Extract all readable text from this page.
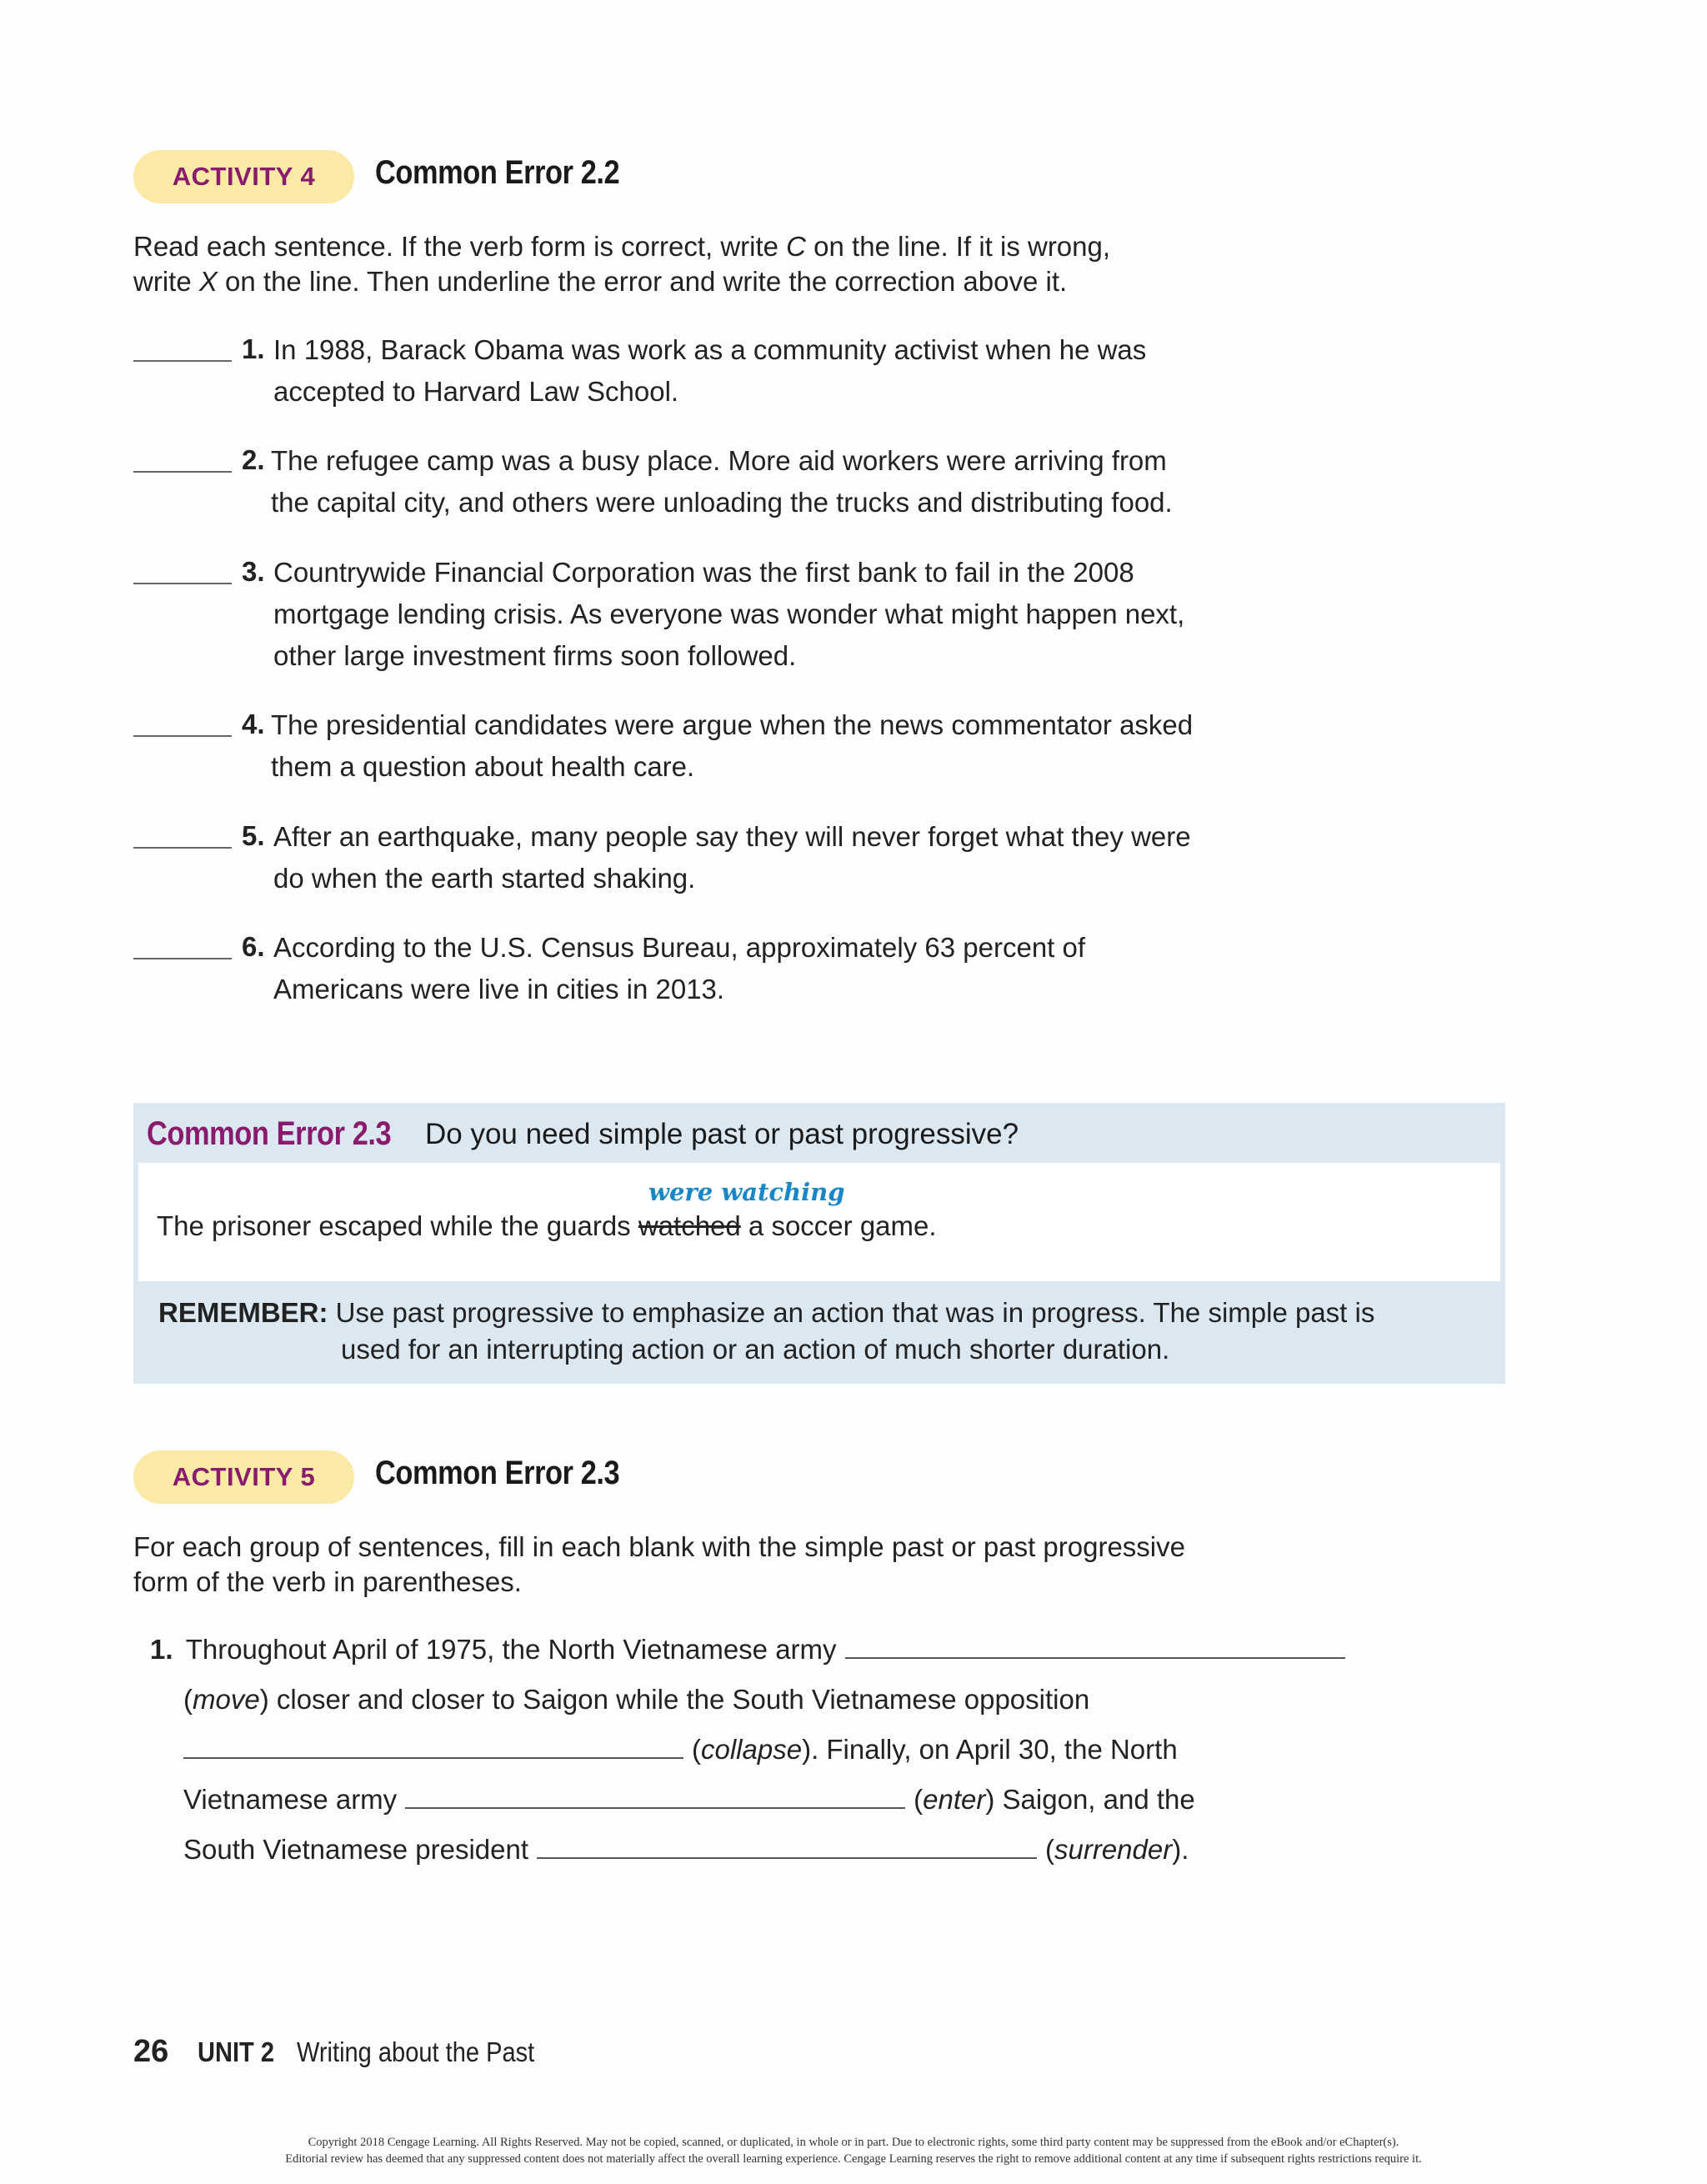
ACTIVITY 4	Common Error 2.2
Read each sentence. If the verb form is correct, write C on the line. If it is wrong,
write X on the line. Then underline the error and write the correction above it.
1. In 1988, Barack Obama was work as a community activist when he was
accepted to Harvard Law School.
2. The refugee camp was a busy place. More aid workers were arriving from
the capital city, and others were unloading the trucks and distributing food.
3. Countrywide Financial Corporation was the first bank to fail in the 2008
mortgage lending crisis. As everyone was wonder what might happen next,
other large investment firms soon followed.
4. The presidential candidates were argue when the news commentator asked
them a question about health care.
5. After an earthquake, many people say they will never forget what they were
do when the earth started shaking.
6. According to the U.S. Census Bureau, approximately 63 percent of
Americans were live in cities in 2013.
Common Error 2.3 Do you need simple past or past progressive?
were watching
The prisoner escaped while the guards watched a soccer game.
REMEMBER: Use past progressive to emphasize an action that was in progress. The simple past is
used for an interrupting action or an action of much shorter duration.
ACTIVITY 5	Common Error 2.3
For each group of sentences, fill in each blank with the simple past or past progressive
form of the verb in parentheses.
1. Throughout April of 1975, the North Vietnamese army
(move) closer and closer to Saigon while the South Vietnamese opposition
(collapse). Finally, on April 30, the North
Vietnamese army	(enter) Saigon, and the
South Vietnamese president	(surrender).
26 UNIT 2 Writing about the Past
Copyright 2018 Cengage Learning. All Rights Reserved. May not be copied, scanned, or duplicated, in whole or in part. Due to electronic rights, some third party content may be suppressed from the eBook and/or eChapter(s).
Editorial review has deemed that any suppressed content does not materially affect the overall learning experience. Cengage Learning reserves the right to remove additional content at any time if subsequent rights restrictions require it.
